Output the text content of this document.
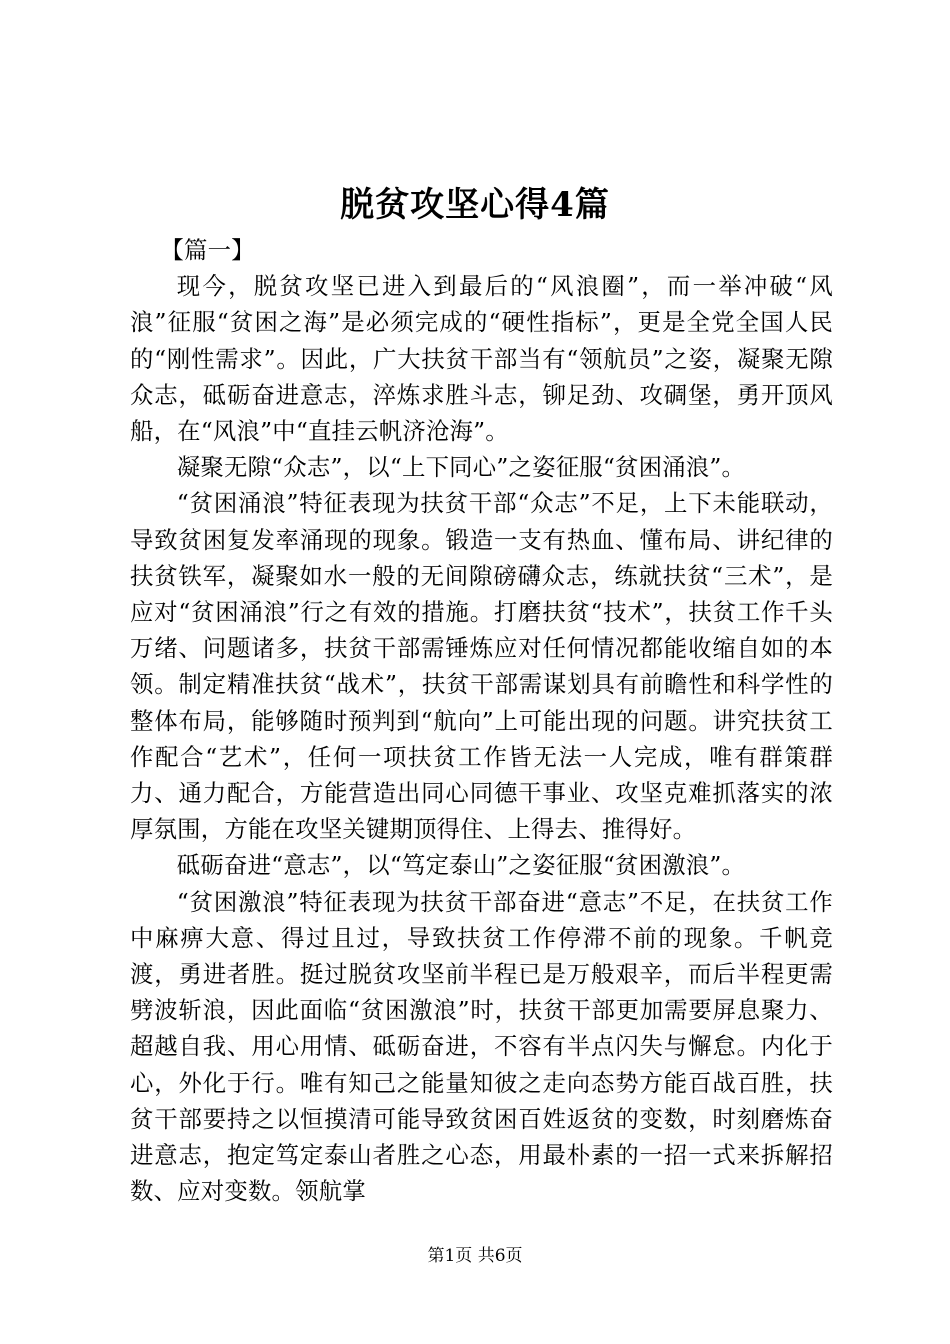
脱贫攻坚心得4篇

【篇一】

现今，脱贫攻坚已进入到最后的“风浪圈”，而一举冲破“风浪”征服“贫困之海”是必须完成的“硬性指标”，更是全党全国人民的“刚性需求”。因此，广大扶贫干部当有“领航员”之姿，凝聚无隙众志，砥砺奋进意志，淬炼求胜斗志，铆足劲、攻碉堡，勇开顶风船，在“风浪”中“直挂云帆济沧海”。

凝聚无隙“众志”，以“上下同心”之姿征服“贫困涌浪”。

“贫困涌浪”特征表现为扶贫干部“众志”不足，上下未能联动，导致贫困复发率涌现的现象。锻造一支有热血、懂布局、讲纪律的扶贫铁军，凝聚如水一般的无间隙磅礴众志，练就扶贫“三术”，是应对“贫困涌浪”行之有效的措施。打磨扶贫“技术”，扶贫工作千头万绪、问题诸多，扶贫干部需锤炼应对任何情况都能收缩自如的本领。制定精准扶贫“战术”，扶贫干部需谋划具有前瞻性和科学性的整体布局，能够随时预判到“航向”上可能出现的问题。讲究扶贫工作配合“艺术”，任何一项扶贫工作皆无法一人完成，唯有群策群力、通力配合，方能营造出同心同德干事业、攻坚克难抓落实的浓厚氛围，方能在攻坚关键期顶得住、上得去、推得好。

砥砺奋进“意志”，以“笃定泰山”之姿征服“贫困激浪”。

“贫困激浪”特征表现为扶贫干部奋进“意志”不足，在扶贫工作中麻痹大意、得过且过，导致扶贫工作停滞不前的现象。千帆竞渡，勇进者胜。挺过脱贫攻坚前半程已是万般艰辛，而后半程更需劈波斩浪，因此面临“贫困激浪”时，扶贫干部更加需要屏息聚力、超越自我、用心用情、砥砺奋进，不容有半点闪失与懈怠。内化于心，外化于行。唯有知己之能量知彼之走向态势方能百战百胜，扶贫干部要持之以恒摸清可能导致贫困百姓返贫的变数，时刻磨炼奋进意志，抱定笃定泰山者胜之心态，用最朴素的一招一式来拆解招数、应对变数。领航掌

第1页 共6页
